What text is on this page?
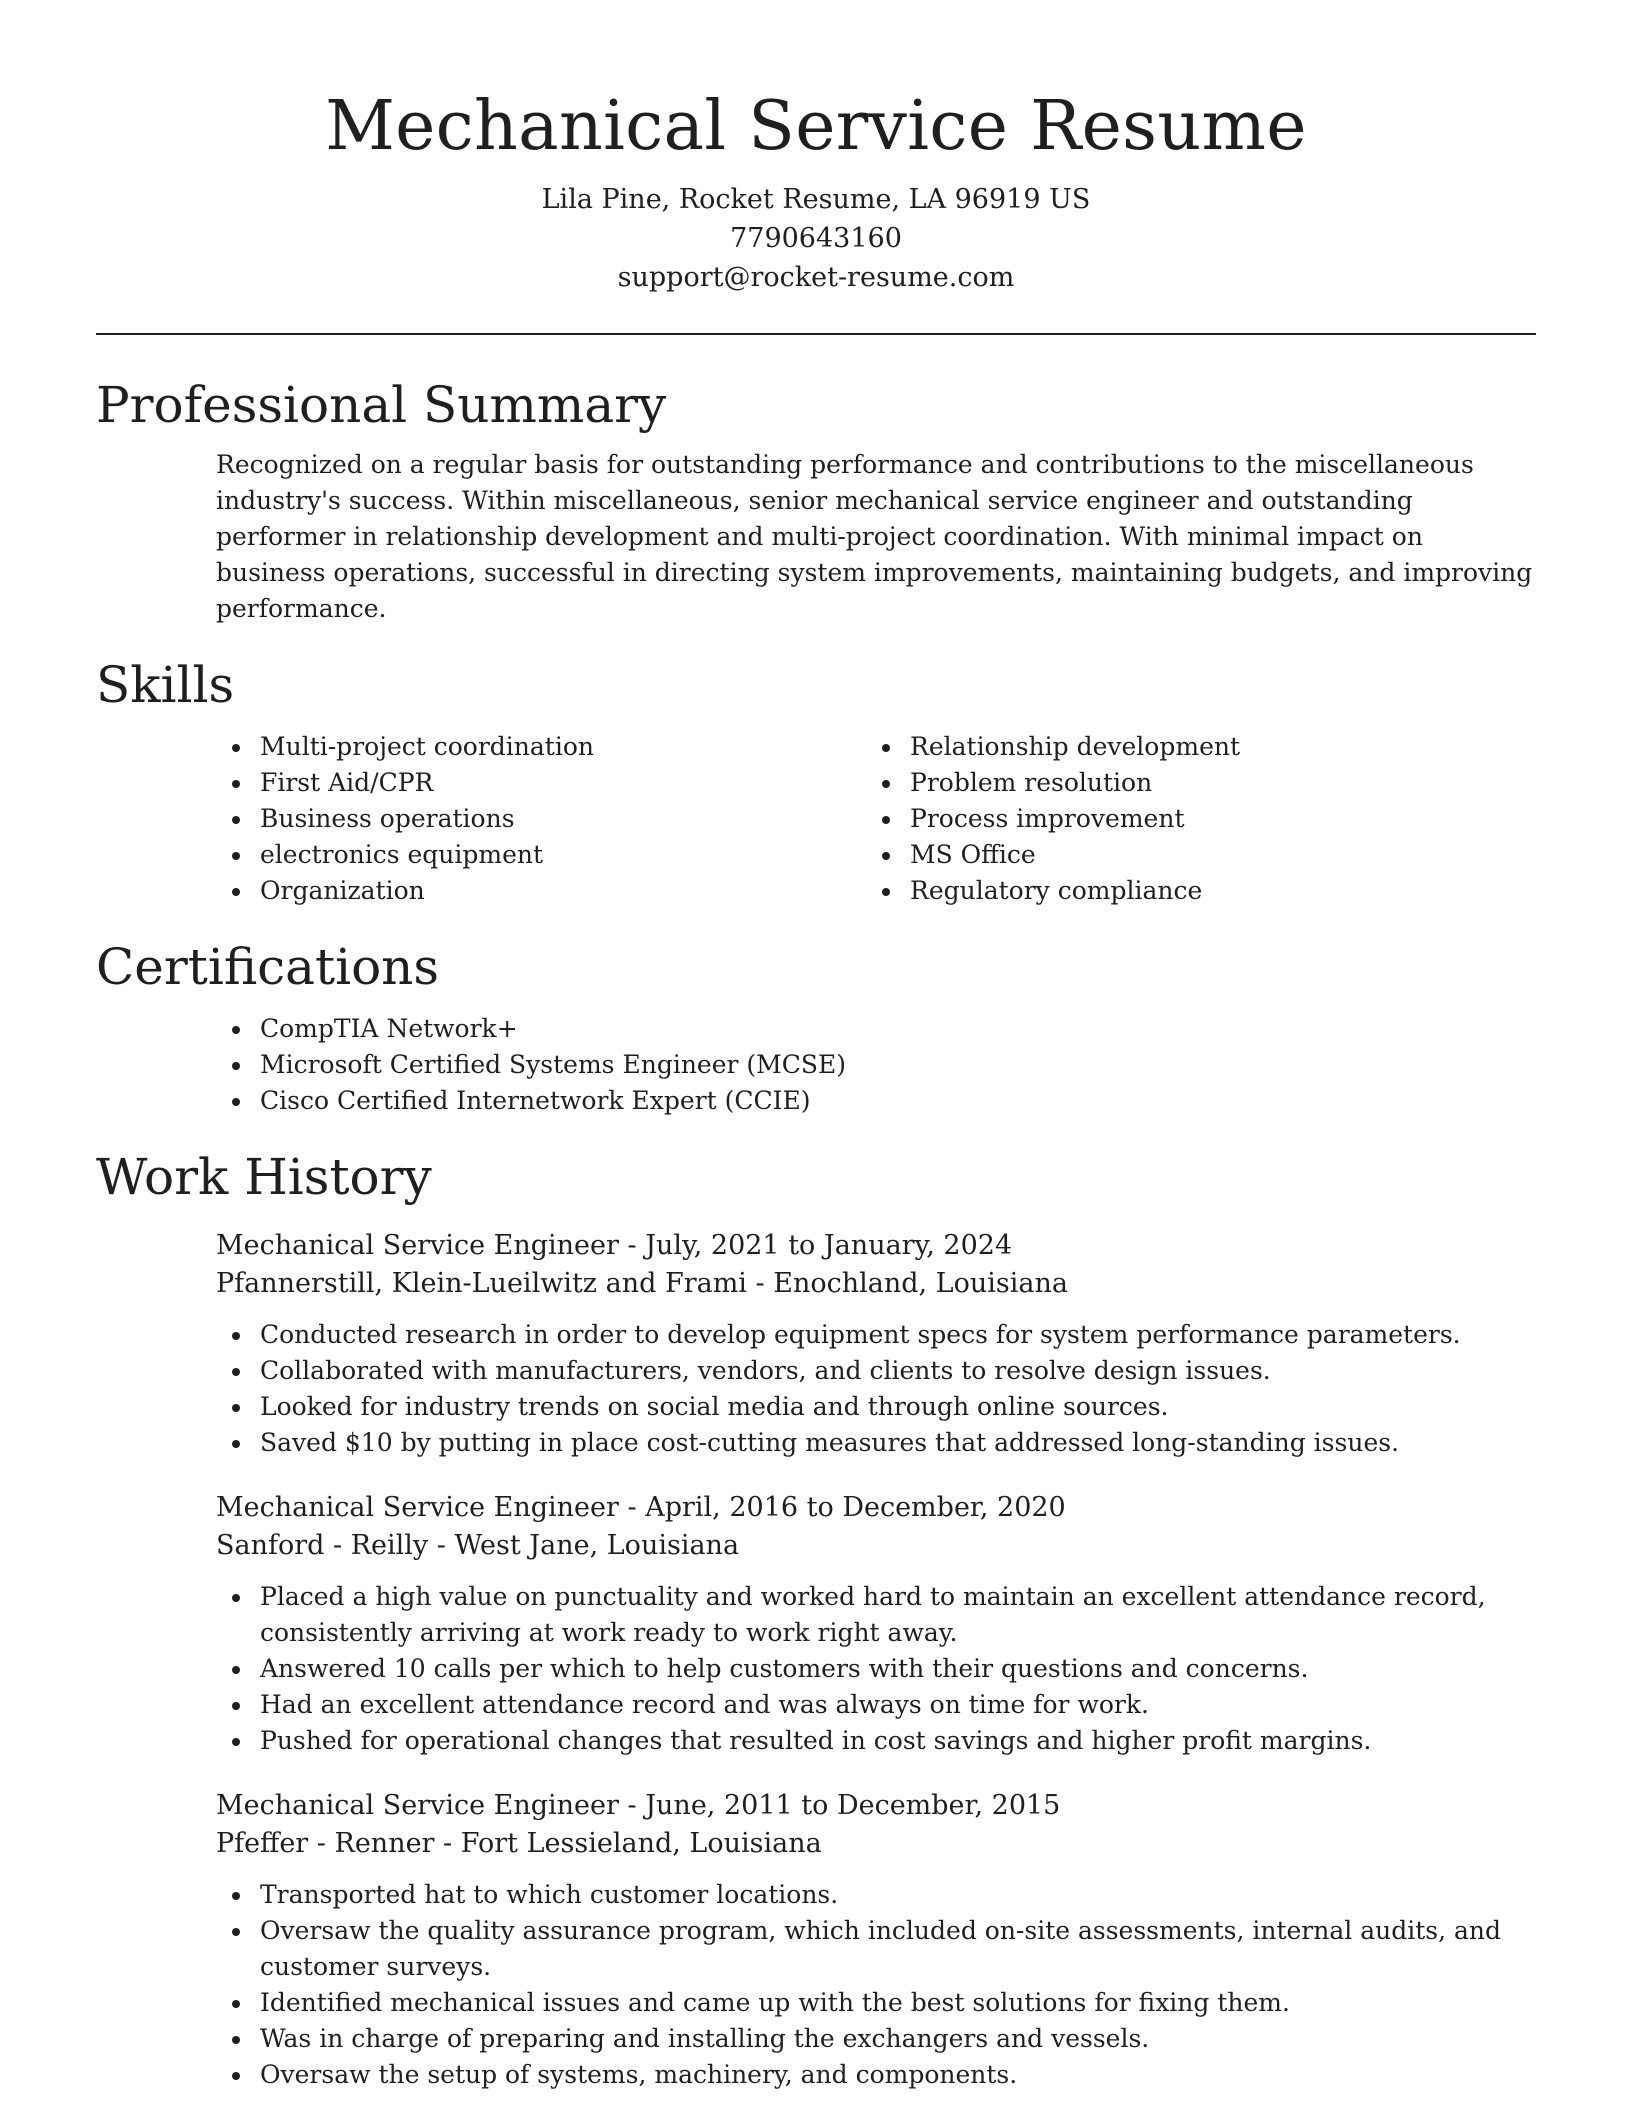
Mechanical Service Resume

Lila Pine, Rocket Resume, LA 96919 US

7790643160

support@rocket-resume.com

Professional Summary

Recognized on a regular basis for outstanding performance and contributions to the miscellaneous industry's success. Within miscellaneous, senior mechanical service engineer and outstanding performer in relationship development and multi-project coordination. With minimal impact on business operations, successful in directing system improvements, maintaining budgets, and improving performance.

Skills
Multi-project coordination
First Aid/CPR
Business operations
electronics equipment
Organization
Relationship development
Problem resolution
Process improvement
MS Office
Regulatory compliance
Certifications
CompTIA Network+
Microsoft Certified Systems Engineer (MCSE)
Cisco Certified Internetwork Expert (CCIE)
Work History

Mechanical Service Engineer - July, 2021 to January, 2024

Pfannerstill, Klein-Lueilwitz and Frami - Enochland, Louisiana

Conducted research in order to develop equipment specs for system performance parameters.
Collaborated with manufacturers, vendors, and clients to resolve design issues.
Looked for industry trends on social media and through online sources.
Saved $10 by putting in place cost-cutting measures that addressed long-standing issues.

Mechanical Service Engineer - April, 2016 to December, 2020

Sanford - Reilly - West Jane, Louisiana

Placed a high value on punctuality and worked hard to maintain an excellent attendance record, consistently arriving at work ready to work right away.
Answered 10 calls per which to help customers with their questions and concerns.
Had an excellent attendance record and was always on time for work.
Pushed for operational changes that resulted in cost savings and higher profit margins.

Mechanical Service Engineer - June, 2011 to December, 2015

Pfeffer - Renner - Fort Lessieland, Louisiana

Transported hat to which customer locations.
Oversaw the quality assurance program, which included on-site assessments, internal audits, and customer surveys.
Identified mechanical issues and came up with the best solutions for fixing them.
Was in charge of preparing and installing the exchangers and vessels.
Oversaw the setup of systems, machinery, and components.
